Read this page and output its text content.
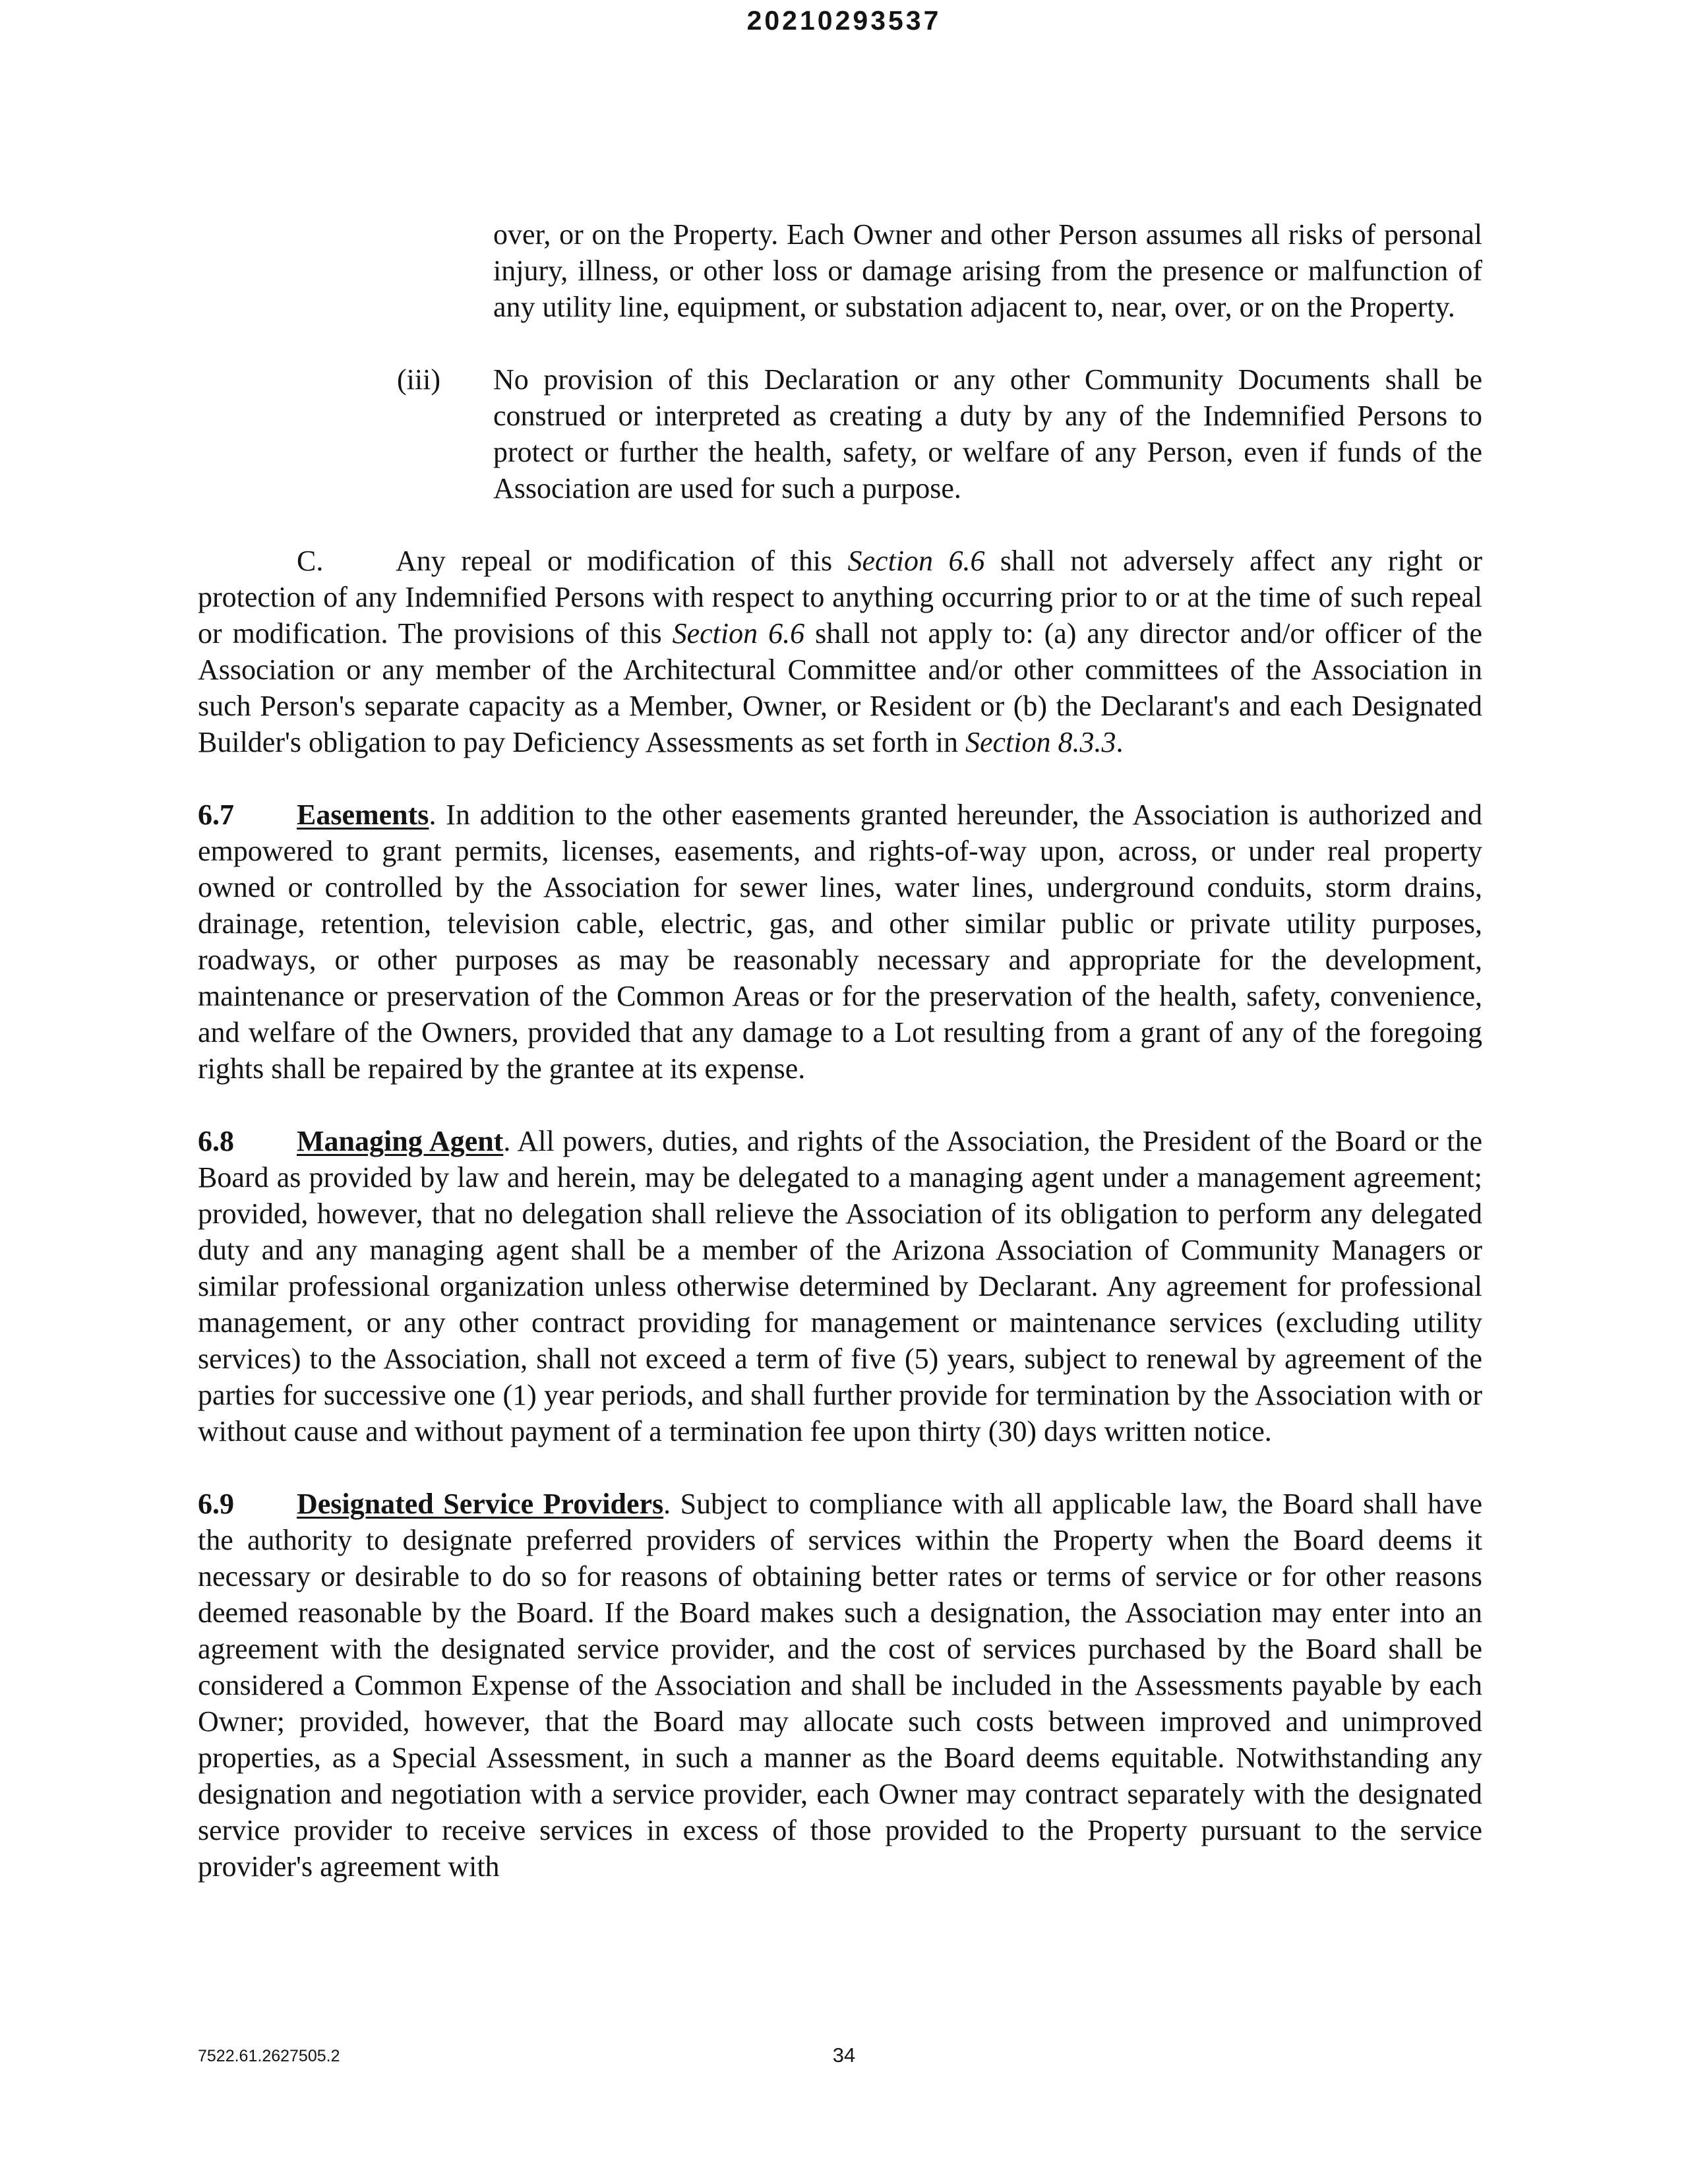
20210293537
over, or on the Property. Each Owner and other Person assumes all risks of personal injury, illness, or other loss or damage arising from the presence or malfunction of any utility line, equipment, or substation adjacent to, near, over, or on the Property.
(iii) No provision of this Declaration or any other Community Documents shall be construed or interpreted as creating a duty by any of the Indemnified Persons to protect or further the health, safety, or welfare of any Person, even if funds of the Association are used for such a purpose.
C. Any repeal or modification of this Section 6.6 shall not adversely affect any right or protection of any Indemnified Persons with respect to anything occurring prior to or at the time of such repeal or modification. The provisions of this Section 6.6 shall not apply to: (a) any director and/or officer of the Association or any member of the Architectural Committee and/or other committees of the Association in such Person's separate capacity as a Member, Owner, or Resident or (b) the Declarant's and each Designated Builder's obligation to pay Deficiency Assessments as set forth in Section 8.3.3.
6.7 Easements. In addition to the other easements granted hereunder, the Association is authorized and empowered to grant permits, licenses, easements, and rights-of-way upon, across, or under real property owned or controlled by the Association for sewer lines, water lines, underground conduits, storm drains, drainage, retention, television cable, electric, gas, and other similar public or private utility purposes, roadways, or other purposes as may be reasonably necessary and appropriate for the development, maintenance or preservation of the Common Areas or for the preservation of the health, safety, convenience, and welfare of the Owners, provided that any damage to a Lot resulting from a grant of any of the foregoing rights shall be repaired by the grantee at its expense.
6.8 Managing Agent. All powers, duties, and rights of the Association, the President of the Board or the Board as provided by law and herein, may be delegated to a managing agent under a management agreement; provided, however, that no delegation shall relieve the Association of its obligation to perform any delegated duty and any managing agent shall be a member of the Arizona Association of Community Managers or similar professional organization unless otherwise determined by Declarant. Any agreement for professional management, or any other contract providing for management or maintenance services (excluding utility services) to the Association, shall not exceed a term of five (5) years, subject to renewal by agreement of the parties for successive one (1) year periods, and shall further provide for termination by the Association with or without cause and without payment of a termination fee upon thirty (30) days written notice.
6.9 Designated Service Providers. Subject to compliance with all applicable law, the Board shall have the authority to designate preferred providers of services within the Property when the Board deems it necessary or desirable to do so for reasons of obtaining better rates or terms of service or for other reasons deemed reasonable by the Board. If the Board makes such a designation, the Association may enter into an agreement with the designated service provider, and the cost of services purchased by the Board shall be considered a Common Expense of the Association and shall be included in the Assessments payable by each Owner; provided, however, that the Board may allocate such costs between improved and unimproved properties, as a Special Assessment, in such a manner as the Board deems equitable. Notwithstanding any designation and negotiation with a service provider, each Owner may contract separately with the designated service provider to receive services in excess of those provided to the Property pursuant to the service provider's agreement with
7522.61.2627505.2	34
